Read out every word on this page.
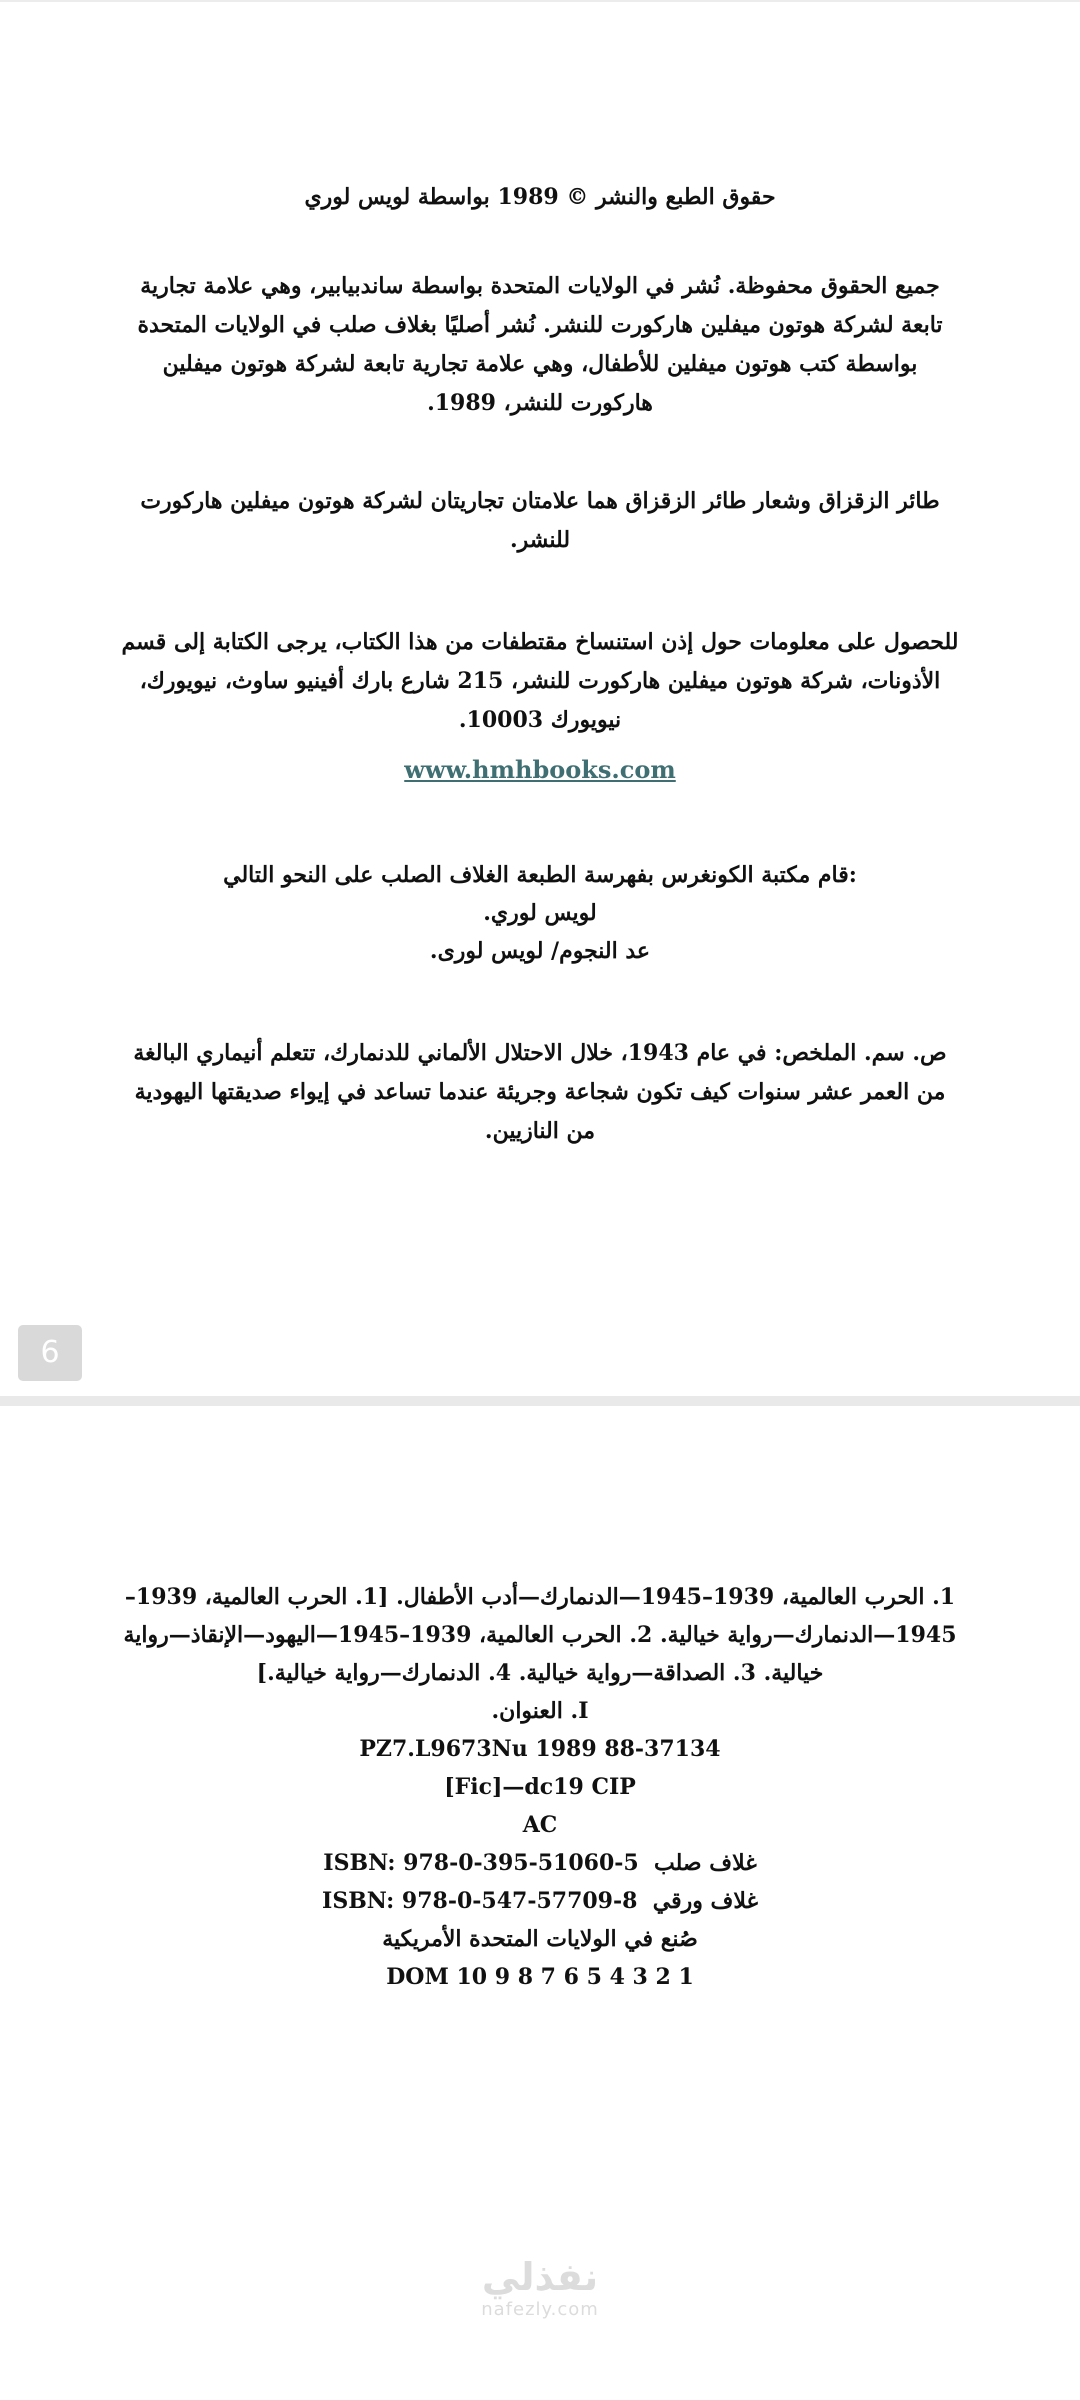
حقوق الطبع والنشر © 1989 بواسطة لويس لوري
جميع الحقوق محفوظة. نُشر في الولايات المتحدة بواسطة ساندبيابير، وهي علامة تجارية تابعة لشركة هوتون ميفلين هاركورت للنشر. نُشر أصليًا بغلاف صلب في الولايات المتحدة بواسطة كتب هوتون ميفلين للأطفال، وهي علامة تجارية تابعة لشركة هوتون ميفلين هاركورت للنشر، 1989.
طائر الزقزاق وشعار طائر الزقزاق هما علامتان تجاريتان لشركة هوتون ميفلين هاركورت للنشر.
للحصول على معلومات حول إذن استنساخ مقتطفات من هذا الكتاب، يرجى الكتابة إلى قسم الأذونات، شركة هوتون ميفلين هاركورت للنشر، 215 شارع بارك أفينيو ساوث، نيويورك، نيويورك 10003.
www.hmhbooks.com
:قام مكتبة الكونغرس بفهرسة الطبعة الغلاف الصلب على النحو التالي
لويس لوري.
عد النجوم/ لويس لورى.
ص. سم. الملخص: في عام 1943، خلال الاحتلال الألماني للدنمارك، تتعلم أنيماري البالغة من العمر عشر سنوات كيف تكون شجاعة وجريئة عندما تساعد في إيواء صديقتها اليهودية من النازيين.
6
1. الحرب العالمية، 1939–1945—الدنمارك—أدب الأطفال. [1. الحرب العالمية، 1939–1945—الدنمارك—رواية خيالية. 2. الحرب العالمية، 1939–1945—اليهود—الإنقاذ—رواية خيالية. 3. الصداقة—رواية خيالية. 4. الدنمارك—رواية خيالية.]
I. العنوان.
PZ7.L9673Nu 1989 88-37134
[Fic]—dc19 CIP
AC
ISBN: 978-0-395-51060-5 غلاف صلب
ISBN: 978-0-547-57709-8 غلاف ورقي
صُنع في الولايات المتحدة الأمريكية
DOM 10 9 8 7 6 5 4 3 2 1
نفذلي
nafezly.com
